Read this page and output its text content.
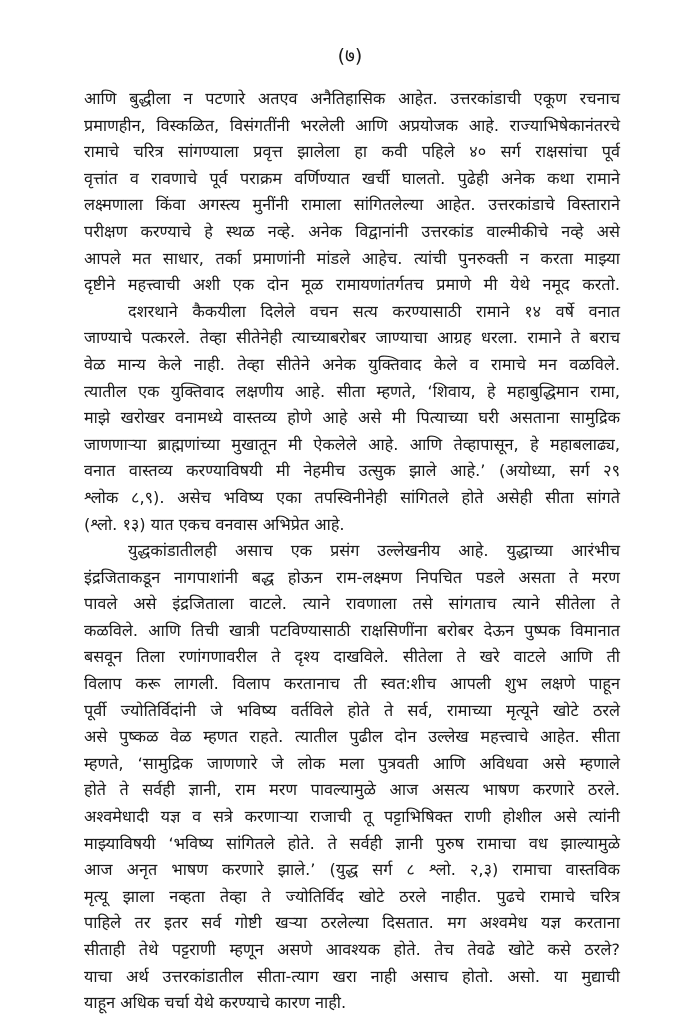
(७)
आणि बुद्धीला न पटणारे अतएव अनैतिहासिक आहेत. उत्तरकांडाची एकूण रचनाच
प्रमाणहीन, विस्कळित, विसंगतींनी भरलेली आणि अप्रयोजक आहे. राज्याभिषेकानंतरचे
रामाचे चरित्र सांगण्याला प्रवृत्त झालेला हा कवी पहिले ४० सर्ग राक्षसांचा पूर्व
वृत्तांत व रावणाचे पूर्व पराक्रम वर्णिण्यात खर्ची घालतो. पुढेही अनेक कथा रामाने
लक्ष्मणाला किंवा अगस्त्य मुनींनी रामाला सांगितलेल्या आहेत. उत्तरकांडाचे विस्ताराने
परीक्षण करण्याचे हे स्थळ नव्हे. अनेक विद्वानांनी उत्तरकांड वाल्मीकीचे नव्हे असे
आपले मत साधार, तर्का प्रमाणांनी मांडले आहेच. त्यांची पुनरुक्ती न करता माझ्या
दृष्टीने महत्त्वाची अशी एक दोन मूळ रामायणांतर्गतच प्रमाणे मी येथे नमूद करतो.
दशरथाने कैकयीला दिलेले वचन सत्य करण्यासाठी रामाने १४ वर्षे वनात
जाण्याचे पत्करले. तेव्हा सीतेनेही त्याच्याबरोबर जाण्याचा आग्रह धरला. रामाने ते बराच
वेळ मान्य केले नाही. तेव्हा सीतेने अनेक युक्तिवाद केले व रामाचे मन वळविले.
त्यातील एक युक्तिवाद लक्षणीय आहे. सीता म्हणते, ‘शिवाय, हे महाबुद्धिमान रामा,
माझे खरोखर वनामध्ये वास्तव्य होणे आहे असे मी पित्याच्या घरी असताना सामुद्रिक
जाणणाऱ्या ब्राह्मणांच्या मुखातून मी ऐकलेले आहे. आणि तेव्हापासून, हे महाबलाढ्य,
वनात वास्तव्य करण्याविषयी मी नेहमीच उत्सुक झाले आहे.’ (अयोध्या, सर्ग २९
श्लोक ८,९). असेच भविष्य एका तपस्विनीनेही सांगितले होते असेही सीता सांगते
(श्लो. १३) यात एकच वनवास अभिप्रेत आहे.
युद्धकांडातीलही असाच एक प्रसंग उल्लेखनीय आहे. युद्धाच्या आरंभीच
इंद्रजिताकडून नागपाशांनी बद्ध होऊन राम-लक्ष्मण निपचित पडले असता ते मरण
पावले असे इंद्रजिताला वाटले. त्याने रावणाला तसे सांगताच त्याने सीतेला ते
कळविले. आणि तिची खात्री पटविण्यासाठी राक्षसिणींना बरोबर देऊन पुष्पक विमानात
बसवून तिला रणांगणावरील ते दृश्य दाखविले. सीतेला ते खरे वाटले आणि ती
विलाप करू लागली. विलाप करतानाच ती स्वत:शीच आपली शुभ लक्षणे पाहून
पूर्वी ज्योतिर्विदांनी जे भविष्य वर्तविले होते ते सर्व, रामाच्या मृत्यूने खोटे ठरले
असे पुष्कळ वेळ म्हणत राहते. त्यातील पुढील दोन उल्लेख महत्त्वाचे आहेत. सीता
म्हणते, ‘सामुद्रिक जाणणारे जे लोक मला पुत्रवती आणि अविधवा असे म्हणाले
होते ते सर्वही ज्ञानी, राम मरण पावल्यामुळे आज असत्य भाषण करणारे ठरले.
अश्वमेधादी यज्ञ व सत्रे करणाऱ्या राजाची तू पट्टाभिषिक्त राणी होशील असे त्यांनी
माझ्याविषयी ‘भविष्य सांगितले होते. ते सर्वही ज्ञानी पुरुष रामाचा वध झाल्यामुळे
आज अनृत भाषण करणारे झाले.’ (युद्ध सर्ग ८ श्लो. २,३) रामाचा वास्तविक
मृत्यू झाला नव्हता तेव्हा ते ज्योतिर्विद खोटे ठरले नाहीत. पुढचे रामाचे चरित्र
पाहिले तर इतर सर्व गोष्टी खऱ्या ठरलेल्या दिसतात. मग अश्वमेध यज्ञ करताना
सीताही तेथे पट्टराणी म्हणून असणे आवश्यक होते. तेच तेवढे खोटे कसे ठरले?
याचा अर्थ उत्तरकांडातील सीता-त्याग खरा नाही असाच होतो. असो. या मुद्याची
याहून अधिक चर्चा येथे करण्याचे कारण नाही.
